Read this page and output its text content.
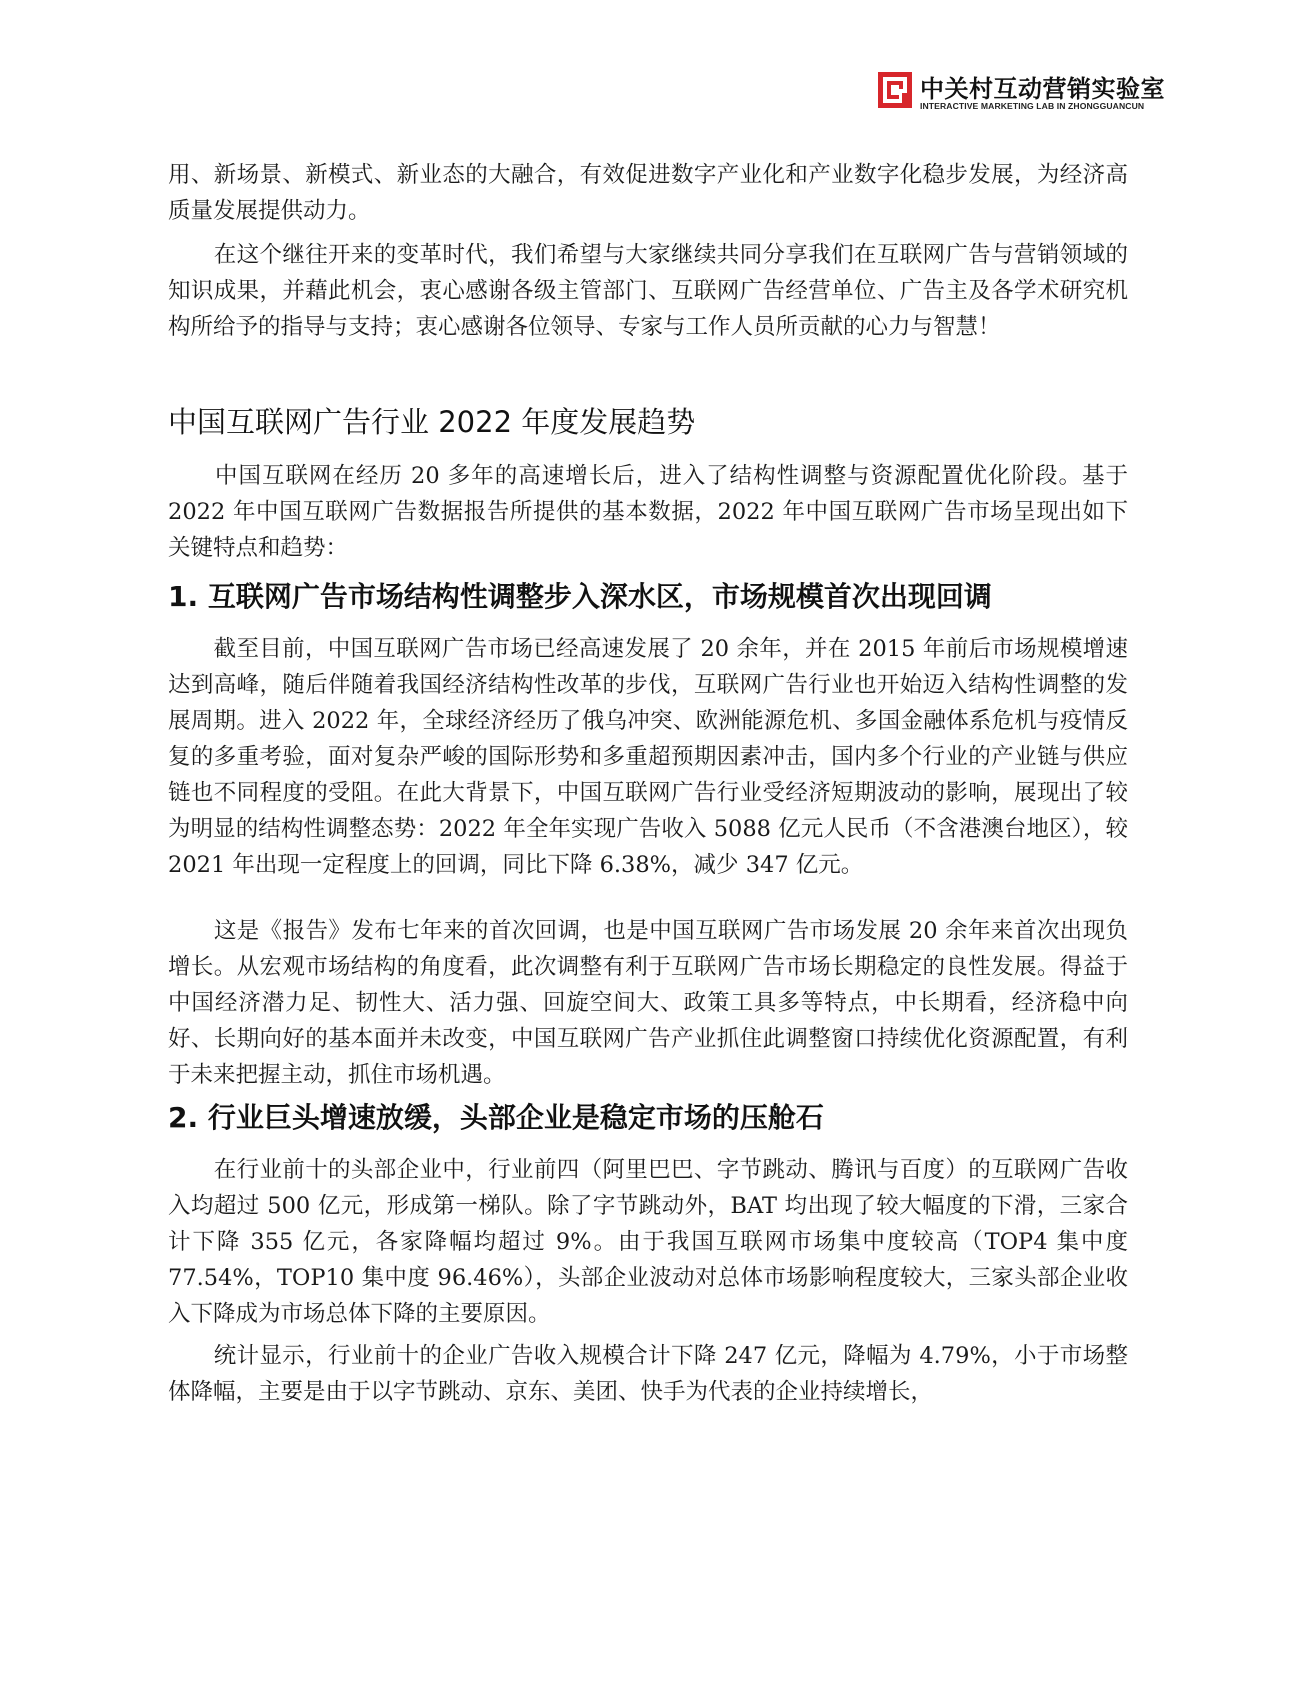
中关村互动营销实验室
INTERACTIVE MARKETING LAB IN ZHONGGUANCUN

用、新场景、新模式、新业态的大融合，有效促进数字产业化和产业数字化稳步发展，为经济高质量发展提供动力。

　　在这个继往开来的变革时代，我们希望与大家继续共同分享我们在互联网广告与营销领域的知识成果，并藉此机会，衷心感谢各级主管部门、互联网广告经营单位、广告主及各学术研究机构所给予的指导与支持；衷心感谢各位领导、专家与工作人员所贡献的心力与智慧！

中国互联网广告行业 2022 年度发展趋势

　　中国互联网在经历 20 多年的高速增长后，进入了结构性调整与资源配置优化阶段。基于 2022 年中国互联网广告数据报告所提供的基本数据，2022 年中国互联网广告市场呈现出如下关键特点和趋势：

1. 互联网广告市场结构性调整步入深水区，市场规模首次出现回调

　　截至目前，中国互联网广告市场已经高速发展了 20 余年，并在 2015 年前后市场规模增速达到高峰，随后伴随着我国经济结构性改革的步伐，互联网广告行业也开始迈入结构性调整的发展周期。进入 2022 年，全球经济经历了俄乌冲突、欧洲能源危机、多国金融体系危机与疫情反复的多重考验，面对复杂严峻的国际形势和多重超预期因素冲击，国内多个行业的产业链与供应链也不同程度的受阻。在此大背景下，中国互联网广告行业受经济短期波动的影响，展现出了较为明显的结构性调整态势：2022 年全年实现广告收入 5088 亿元人民币（不含港澳台地区），较 2021 年出现一定程度上的回调，同比下降 6.38%，减少 347 亿元。

　　这是《报告》发布七年来的首次回调，也是中国互联网广告市场发展 20 余年来首次出现负增长。从宏观市场结构的角度看，此次调整有利于互联网广告市场长期稳定的良性发展。得益于中国经济潜力足、韧性大、活力强、回旋空间大、政策工具多等特点，中长期看，经济稳中向好、长期向好的基本面并未改变，中国互联网广告产业抓住此调整窗口持续优化资源配置，有利于未来把握主动，抓住市场机遇。

2. 行业巨头增速放缓，头部企业是稳定市场的压舱石

　　在行业前十的头部企业中，行业前四（阿里巴巴、字节跳动、腾讯与百度）的互联网广告收入均超过 500 亿元，形成第一梯队。除了字节跳动外，BAT 均出现了较大幅度的下滑，三家合计下降 355 亿元，各家降幅均超过 9%。由于我国互联网市场集中度较高（TOP4 集中度 77.54%，TOP10 集中度 96.46%），头部企业波动对总体市场影响程度较大，三家头部企业收入下降成为市场总体下降的主要原因。

　　统计显示，行业前十的企业广告收入规模合计下降 247 亿元，降幅为 4.79%，小于市场整体降幅，主要是由于以字节跳动、京东、美团、快手为代表的企业持续增长，
